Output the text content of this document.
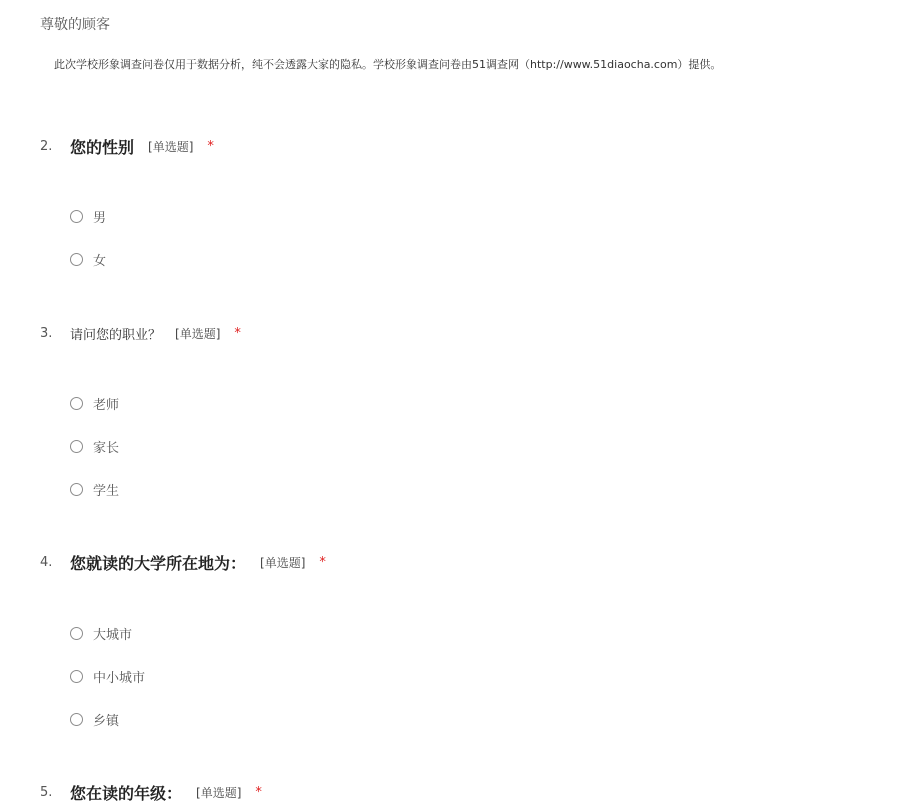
尊敬的顾客
此次学校形象调查问卷仅用于数据分析，纯不会透露大家的隐私。学校形象调查问卷由51调查网（http://www.51diaocha.com）提供。
2.	您的性别 [单选题] *
男
女
3.	请问您的职业？ [单选题] *
老师
家长
学生
4.	您就读的大学所在地为： [单选题] *
大城市
中小城市
乡镇
5.	您在读的年级： [单选题] *
